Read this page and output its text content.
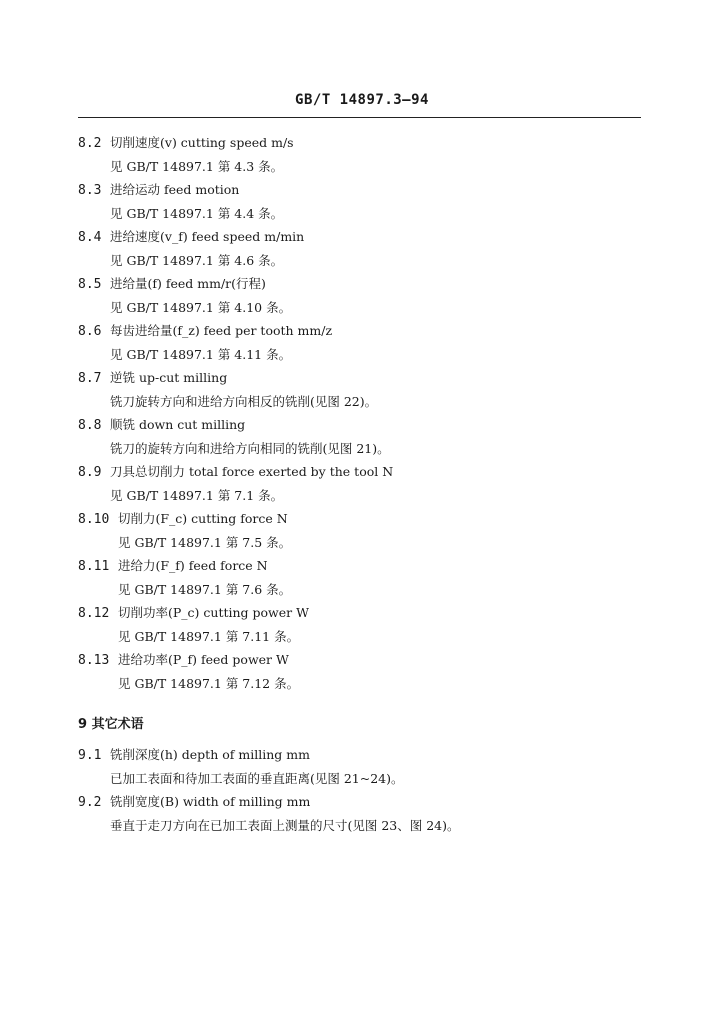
GB/T 14897.3—94
8.2 切削速度(v) cutting speed m/s
见 GB/T 14897.1 第 4.3 条。
8.3 进给运动 feed motion
见 GB/T 14897.1 第 4.4 条。
8.4 进给速度(v_f) feed speed m/min
见 GB/T 14897.1 第 4.6 条。
8.5 进给量(f) feed mm/r(行程)
见 GB/T 14897.1 第 4.10 条。
8.6 每齿进给量(f_z) feed per tooth mm/z
见 GB/T 14897.1 第 4.11 条。
8.7 逆铣 up-cut milling
铣刀旋转方向和进给方向相反的铣削(见图 22)。
8.8 顺铣 down cut milling
铣刀的旋转方向和进给方向相同的铣削(见图 21)。
8.9 刀具总切削力 total force exerted by the tool N
见 GB/T 14897.1 第 7.1 条。
8.10 切削力(F_c) cutting force N
见 GB/T 14897.1 第 7.5 条。
8.11 进给力(F_f) feed force N
见 GB/T 14897.1 第 7.6 条。
8.12 切削功率(P_c) cutting power W
见 GB/T 14897.1 第 7.11 条。
8.13 进给功率(P_f) feed power W
见 GB/T 14897.1 第 7.12 条。
9 其它术语
9.1 铣削深度(h) depth of milling mm
已加工表面和待加工表面的垂直距离(见图 21~24)。
9.2 铣削宽度(B) width of milling mm
垂直于走刀方向在已加工表面上测量的尺寸(见图 23、图 24)。
